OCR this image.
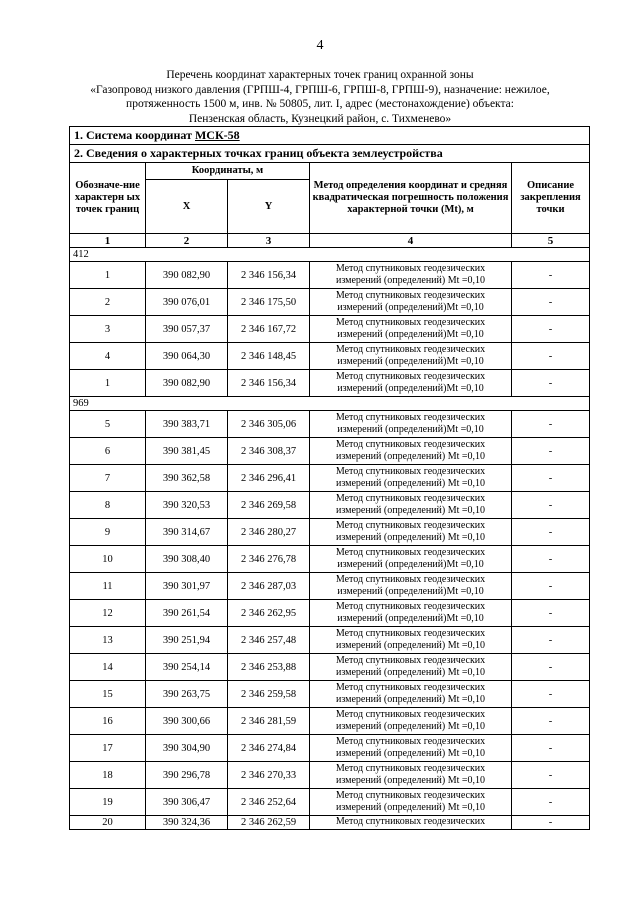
4
Перечень координат характерных точек границ охранной зоны
«Газопровод низкого давления (ГРПШ-4, ГРПШ-6, ГРПШ-8, ГРПШ-9), назначение: нежилое,
протяженность 1500 м, инв. № 50805, лит. I, адрес (местонахождение) объекта:
Пензенская область, Кузнецкий район, с. Тихменево»
1. Система координат МСК-58				
2. Сведения о характерных точках границ объекта землеустройства				
Обозначе-ние характерн ых точек границ	Координаты, м		Метод определения координат и средняя квадратическая погрешность положения характерной точки (Mt), м	Описание закрепления точки
	X	Y		
1	2	3	4	5
412				
1	390 082,90	2 346 156,34	Метод спутниковых геодезических
измерений (определений) Mt =0,10	-
2	390 076,01	2 346 175,50	Метод спутниковых геодезических
измерений (определений)Mt =0,10	-
3	390 057,37	2 346 167,72	Метод спутниковых геодезических
измерений (определений)Mt =0,10	-
4	390 064,30	2 346 148,45	Метод спутниковых геодезических
измерений (определений)Mt =0,10	-
1	390 082,90	2 346 156,34	Метод спутниковых геодезических
измерений (определений)Mt =0,10	-
969				
5	390 383,71	2 346 305,06	Метод спутниковых геодезических
измерений (определений)Mt =0,10	-
6	390 381,45	2 346 308,37	Метод спутниковых геодезических
измерений (определений) Mt =0,10	-
7	390 362,58	2 346 296,41	Метод спутниковых геодезических
измерений (определений) Mt =0,10	-
8	390 320,53	2 346 269,58	Метод спутниковых геодезических
измерений (определений) Mt =0,10	-
9	390 314,67	2 346 280,27	Метод спутниковых геодезических
измерений (определений) Mt =0,10	-
10	390 308,40	2 346 276,78	Метод спутниковых геодезических
измерений (определений)Mt =0,10	-
11	390 301,97	2 346 287,03	Метод спутниковых геодезических
измерений (определений)Mt =0,10	-
12	390 261,54	2 346 262,95	Метод спутниковых геодезических
измерений (определений)Mt =0,10	-
13	390 251,94	2 346 257,48	Метод спутниковых геодезических
измерений (определений) Mt =0,10	-
14	390 254,14	2 346 253,88	Метод спутниковых геодезических
измерений (определений) Mt =0,10	-
15	390 263,75	2 346 259,58	Метод спутниковых геодезических
измерений (определений) Mt =0,10	-
16	390 300,66	2 346 281,59	Метод спутниковых геодезических
измерений (определений) Mt =0,10	-
17	390 304,90	2 346 274,84	Метод спутниковых геодезических
измерений (определений) Mt =0,10	-
18	390 296,78	2 346 270,33	Метод спутниковых геодезических
измерений (определений) Mt =0,10	-
19	390 306,47	2 346 252,64	Метод спутниковых геодезических
измерений (определений) Mt =0,10	-
20	390 324,36	2 346 262,59	Метод спутниковых геодезических	-
